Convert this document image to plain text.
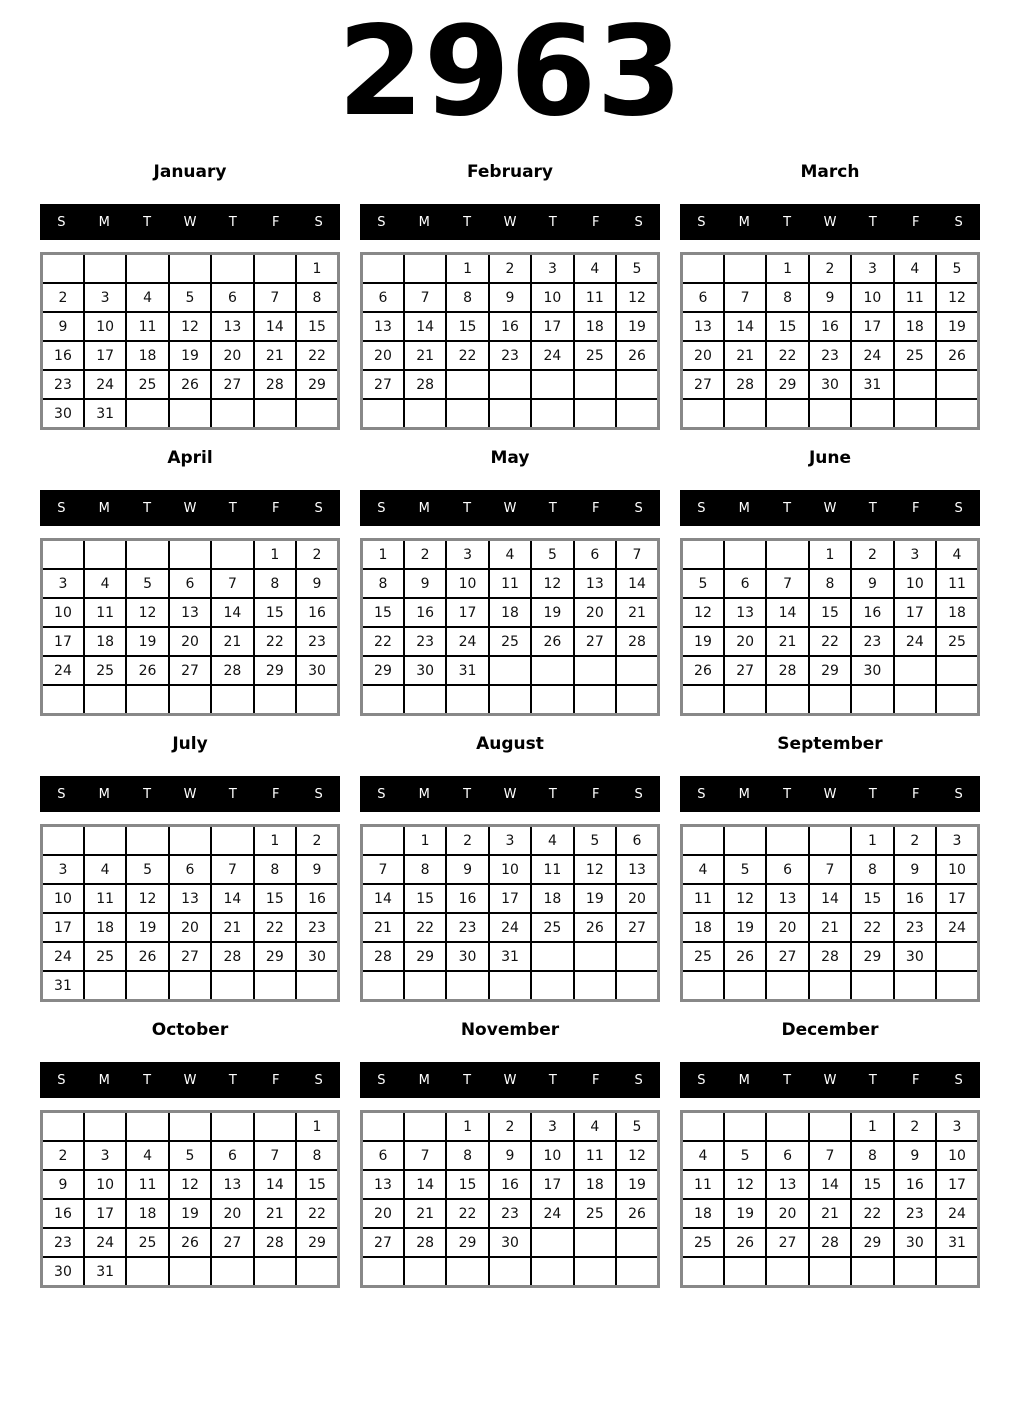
2963
January
S	M	T	W	T	F	S
						1
2	3	4	5	6	7	8
9	10	11	12	13	14	15
16	17	18	19	20	21	22
23	24	25	26	27	28	29
30	31					
February
S	M	T	W	T	F	S
		1	2	3	4	5
6	7	8	9	10	11	12
13	14	15	16	17	18	19
20	21	22	23	24	25	26
27	28					

March
S	M	T	W	T	F	S
		1	2	3	4	5
6	7	8	9	10	11	12
13	14	15	16	17	18	19
20	21	22	23	24	25	26
27	28	29	30	31		

April
S	M	T	W	T	F	S
					1	2
3	4	5	6	7	8	9
10	11	12	13	14	15	16
17	18	19	20	21	22	23
24	25	26	27	28	29	30

May
S	M	T	W	T	F	S
1	2	3	4	5	6	7
8	9	10	11	12	13	14
15	16	17	18	19	20	21
22	23	24	25	26	27	28
29	30	31				

June
S	M	T	W	T	F	S
			1	2	3	4
5	6	7	8	9	10	11
12	13	14	15	16	17	18
19	20	21	22	23	24	25
26	27	28	29	30		

July
S	M	T	W	T	F	S
					1	2
3	4	5	6	7	8	9
10	11	12	13	14	15	16
17	18	19	20	21	22	23
24	25	26	27	28	29	30
31						
August
S	M	T	W	T	F	S
	1	2	3	4	5	6
7	8	9	10	11	12	13
14	15	16	17	18	19	20
21	22	23	24	25	26	27
28	29	30	31			

September
S	M	T	W	T	F	S
				1	2	3
4	5	6	7	8	9	10
11	12	13	14	15	16	17
18	19	20	21	22	23	24
25	26	27	28	29	30	

October
S	M	T	W	T	F	S
						1
2	3	4	5	6	7	8
9	10	11	12	13	14	15
16	17	18	19	20	21	22
23	24	25	26	27	28	29
30	31					
November
S	M	T	W	T	F	S
		1	2	3	4	5
6	7	8	9	10	11	12
13	14	15	16	17	18	19
20	21	22	23	24	25	26
27	28	29	30			

December
S	M	T	W	T	F	S
				1	2	3
4	5	6	7	8	9	10
11	12	13	14	15	16	17
18	19	20	21	22	23	24
25	26	27	28	29	30	31
